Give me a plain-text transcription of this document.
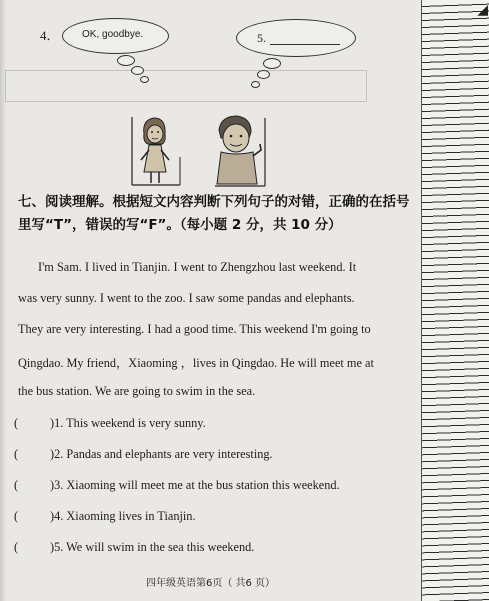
4． OK, goodbye.	5.
七、阅读理解。根据短文内容判断下列句子的对错，正确的在括号里写“T”，错误的写“F”。（每小题 2 分，共 10 分）
I'm Sam. I lived in Tianjin. I went to Zhengzhou last weekend. It
was very sunny. I went to the zoo. I saw some pandas and elephants.
They are very interesting. I had a good time. This weekend I'm going to
Qingdao. My friend，Xiaoming ，lives in Qingdao. He will meet me at
the bus station. We are going to swim in the sea.
(	)1. This weekend is very sunny.
(	)2. Pandas and elephants are very interesting.
(	)3. Xiaoming will meet me at the bus station this weekend.
(	)4. Xiaoming lives in Tianjin.
(	)5. We will swim in the sea this weekend.
四年级英语第6页（ 共6 页）
◢
